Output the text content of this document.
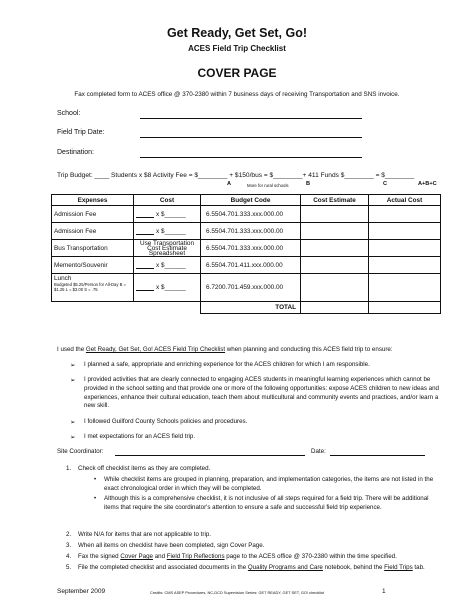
Get Ready, Get Set, Go!
ACES Field Trip Checklist
COVER PAGE
Fax completed form to ACES office @ 370-2380 within 7 business days of receiving Transportation and SNS invoice.
School:
Field Trip Date:
Destination:
Trip Budget: ____ Students x $8 Activity Fee = $________ + $150/bus = $________+ 411 Funds $________ = $________
A	More for rural schools	B	C	A+B+C
Expenses	Cost	Budget Code	Cost Estimate	Actual Cost
Admission Fee	x $______	6.5504.701.333.xxx.000.00		
Admission Fee	x $______	6.5504.701.333.xxx.000.00		
Bus Transportation	Use Transportation Cost Estimate Spreadsheet	6.5504.701.333.xxx.000.00		
Memento/Souvenir	x $______	6.5504.701.411.xxx.000.00		

Lunch
Budgeted $5.25/Person for All-Day B = $1.25 L = $3.00 S = .75	x $______	6.7200.701.459.xxx.000.00		
		TOTAL		
I used the Get Ready, Get Set, Go! ACES Field Trip Checklist when planning and conducting this ACES field trip to ensure:
➢ I planned a safe, appropriate and enriching experience for the ACES children for which I am responsible.
➢ I provided activities that are clearly connected to engaging ACES students in meaningful learning experiences which cannot be provided in the school setting and that provide one or more of the following opportunities: expose ACES children to new ideas and experiences, enhance their cultural education, teach them about multicultural and community events and practices, and/or learn a new skill.
➢ I followed Guilford County Schools policies and procedures.
➢ I met expectations for an ACES field trip.
Site Coordinator:	Date:
1. Check off checklist items as they are completed.
• While checklist items are grouped in planning, preparation, and implementation categories, the items are not listed in the exact chronological order in which they will be completed.
• Although this is a comprehensive checklist, it is not inclusive of all steps required for a field trip. There will be additional items that require the site coordinator's attention to ensure a safe and successful field trip experience.
2. Write N/A for items that are not applicable to trip.
3. When all items on checklist have been completed, sign Cover Page.
4. Fax the signed Cover Page and Field Trip Reflections page to the ACES office @ 370-2380 within the time specified.
5. File the completed checklist and associated documents in the Quality Programs and Care notebook, behind the Field Trips tab.
September 2009	Credits: CMS ASEP Procedures, NC-DCD Supervision Series: GET READY, GET SET, GO! checklist	1
